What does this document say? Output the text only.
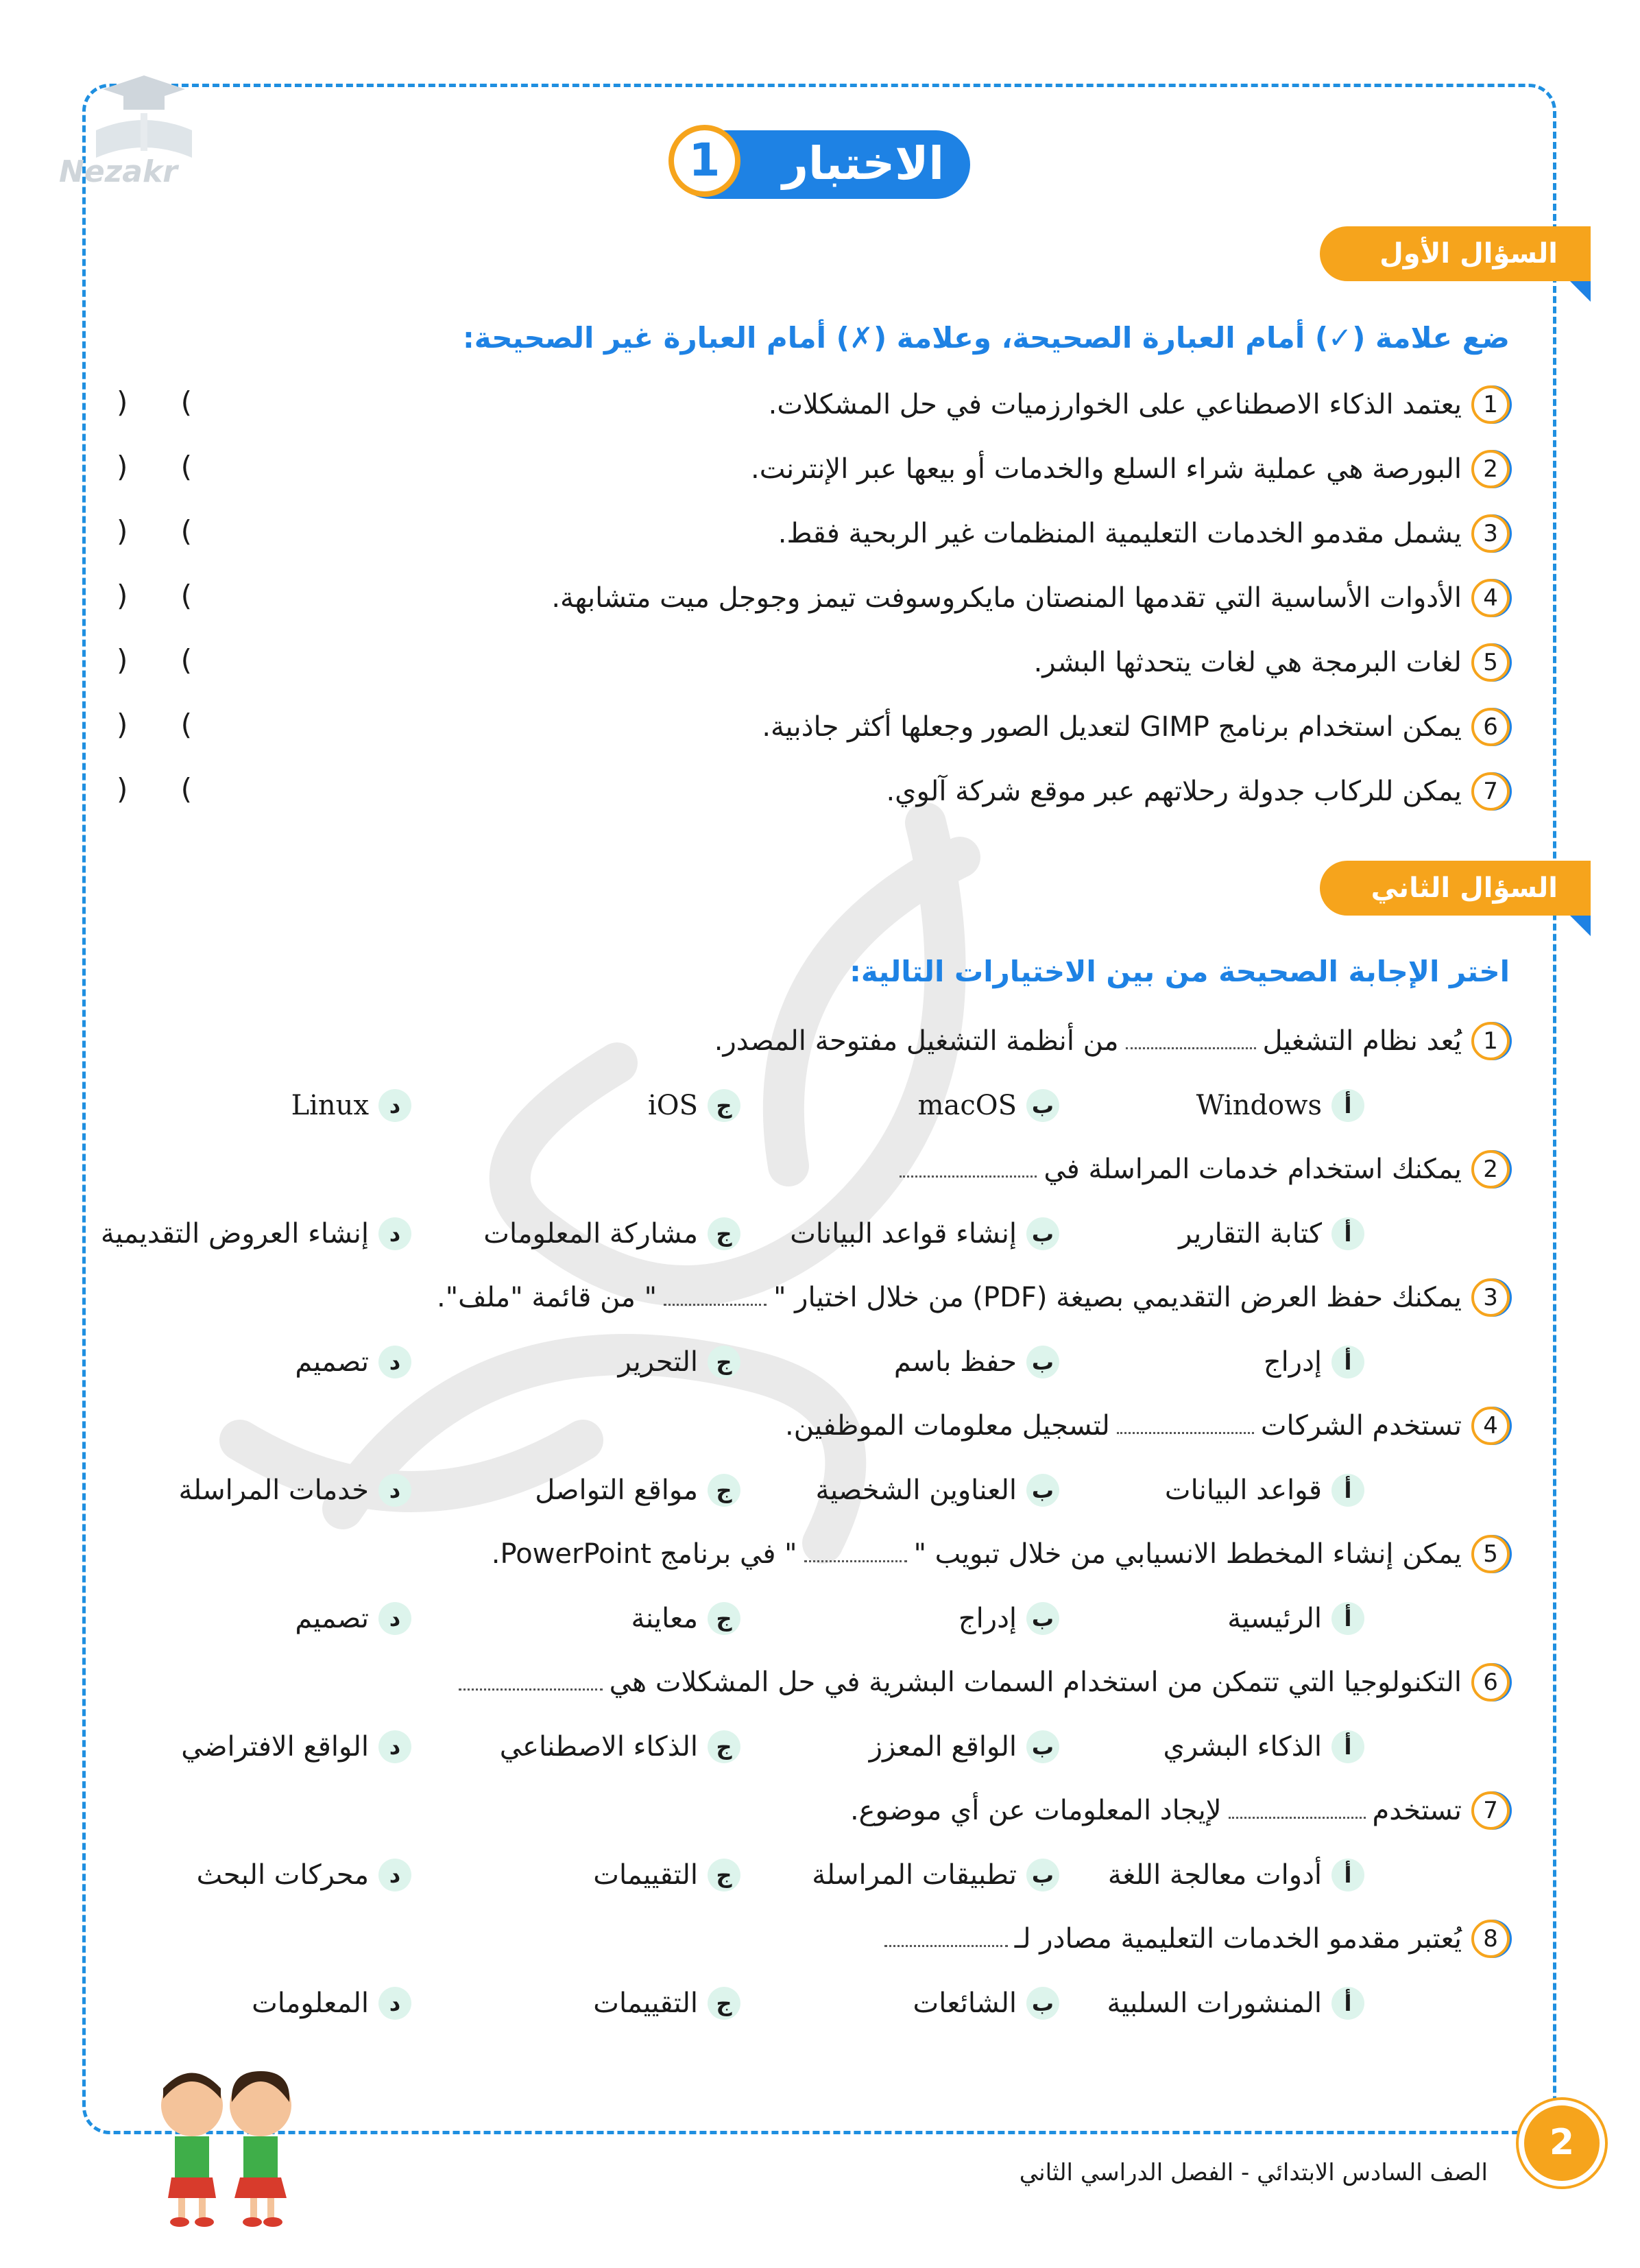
Nezakr	الاختبار
1
السؤال الأول
ضع علامة (✓) أمام العبارة الصحيحة، وعلامة (✗) أمام العبارة غير الصحيحة:
1
يعتمد الذكاء الاصطناعي على الخوارزميات في حل المشكلات.
)
(
2
البورصة هي عملية شراء السلع والخدمات أو بيعها عبر الإنترنت.
)
(
3
يشمل مقدمو الخدمات التعليمية المنظمات غير الربحية فقط.
)
(
4
الأدوات الأساسية التي تقدمها المنصتان مايكروسوفت تيمز وجوجل ميت متشابهة.
)
(
5
لغات البرمجة هي لغات يتحدثها البشر.
)
(
6
يمكن استخدام برنامج GIMP لتعديل الصور وجعلها أكثر جاذبية.
)
(
7
يمكن للركاب جدولة رحلاتهم عبر موقع شركة آلوي.
)
(
السؤال الثاني
اختر الإجابة الصحيحة من بين الاختيارات التالية:
1
يُعد نظام التشغيل
من أنظمة التشغيل مفتوحة المصدر.
أ
Windows
ب
macOS
ج
iOS
د
Linux
2
يمكنك استخدام خدمات المراسلة في
أ
كتابة التقارير
ب
إنشاء قواعد البيانات
ج
مشاركة المعلومات
د
إنشاء العروض التقديمية
3
يمكنك حفظ العرض التقديمي بصيغة (PDF) من خلال اختيار "
" من قائمة "ملف".
أ
إدراج
ب
حفظ باسم
ج
التحرير
د
تصميم
4
تستخدم الشركات
لتسجيل معلومات الموظفين.
أ
قواعد البيانات
ب
العناوين الشخصية
ج
مواقع التواصل
د
خدمات المراسلة
5
يمكن إنشاء المخطط الانسيابي من خلال تبويب "
" في برنامج PowerPoint.
أ
الرئيسية
ب
إدراج
ج
معاينة
د
تصميم
6
التكنولوجيا التي تتمكن من استخدام السمات البشرية في حل المشكلات هي
أ
الذكاء البشري
ب
الواقع المعزز
ج
الذكاء الاصطناعي
د
الواقع الافتراضي
7
تستخدم
لإيجاد المعلومات عن أي موضوع.
أ
أدوات معالجة اللغة
ب
تطبيقات المراسلة
ج
التقييمات
د
محركات البحث
8
يُعتبر مقدمو الخدمات التعليمية مصادر لـ
أ
المنشورات السلبية
ب
الشائعات
ج
التقييمات
د
المعلومات
2
الصف السادس الابتدائي - الفصل الدراسي الثاني
